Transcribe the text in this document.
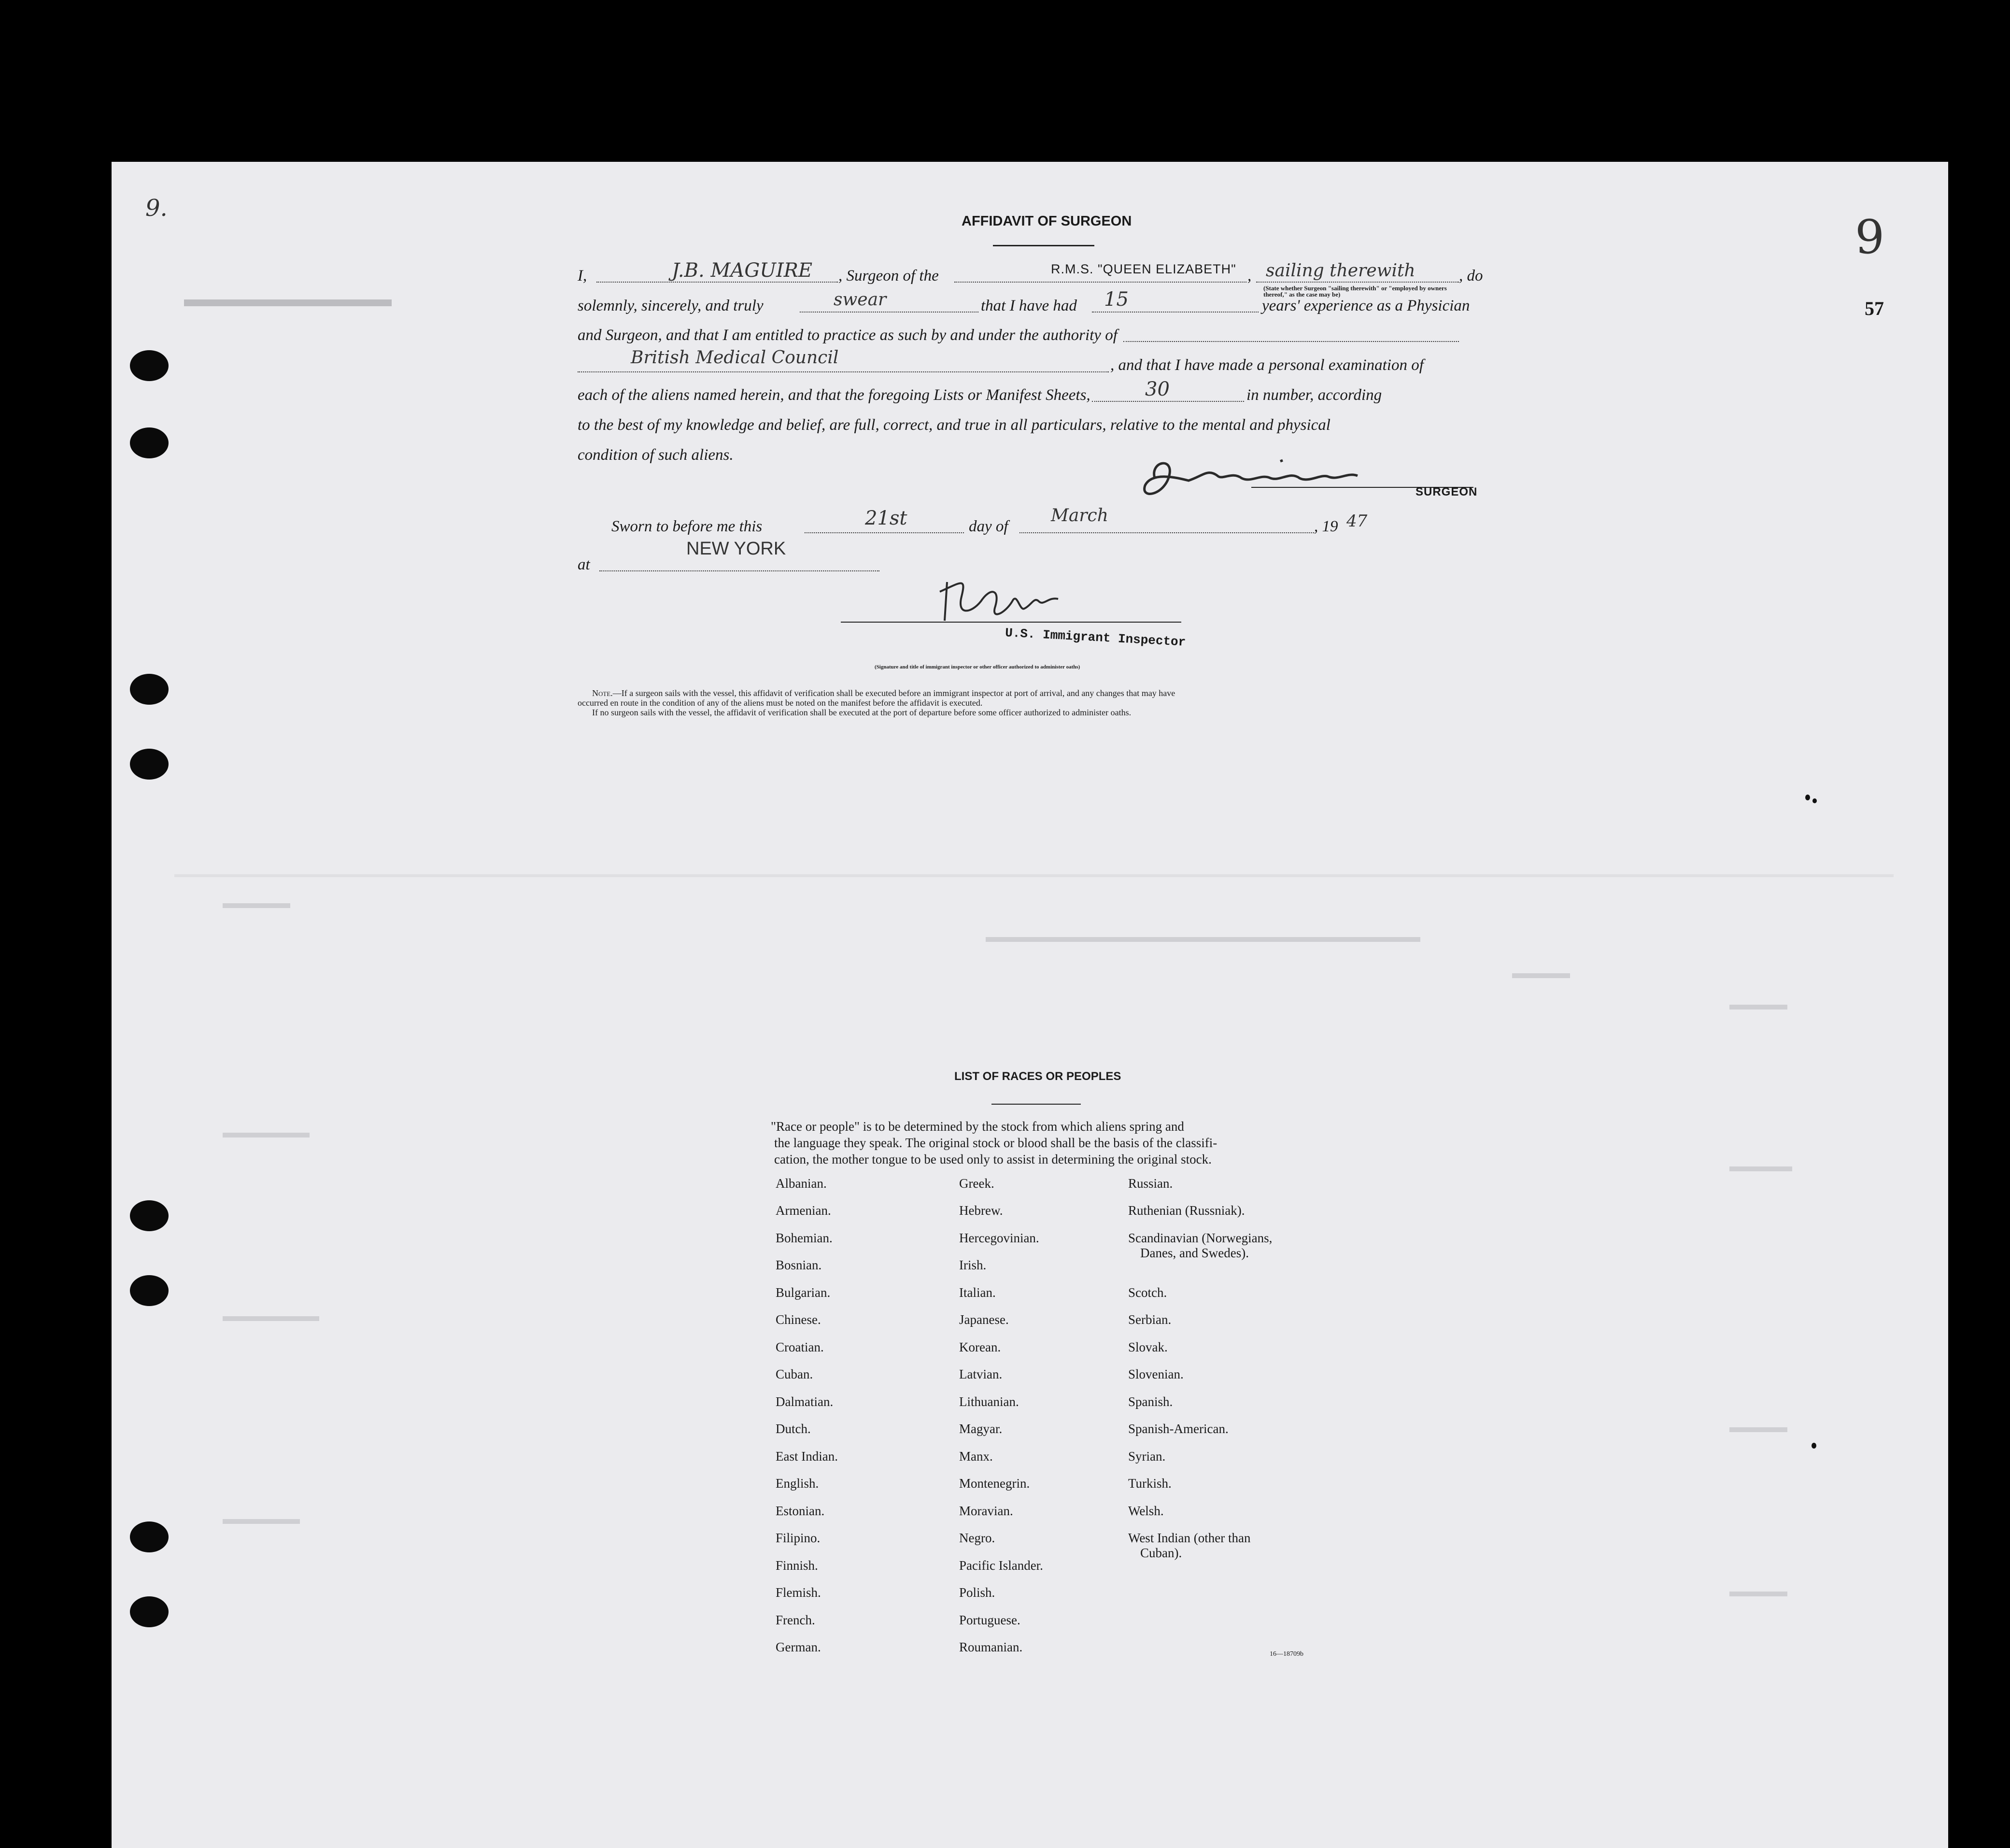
9.
9
57
AFFIDAVIT OF SURGEON
I,	J.B. MAGUIRE , Surgeon of the	R.M.S. "QUEEN ELIZABETH" , sailing therewith	, do
(State whether Surgeon "sailing therewith" or "employed by owners thereof," as the case may be)
solemnly, sincerely, and truly	swear	that I have had 15	years' experience as a Physician
and Surgeon, and that I am entitled to practice as such by and under the authority of
British Medical Council	, and that I have made a personal examination of
each of the aliens named herein, and that the foregoing Lists or Manifest Sheets,	30	in number, according
to the best of my knowledge and belief, are full, correct, and true in all particulars, relative to the mental and physical
condition of such aliens.
SURGEON
Sworn to before me this	21st	day of
March
, 19 47
at
NEW YORK
U.S. Immigrant Inspector
(Signature and title of immigrant inspector or other officer authorized to administer oaths)
Note.—If a surgeon sails with the vessel, this affidavit of verification shall be executed before an immigrant inspector at port of arrival, and any changes that may have
occurred en route in the condition of any of the aliens must be noted on the manifest before the affidavit is executed.
If no surgeon sails with the vessel, the affidavit of verification shall be executed at the port of departure before some officer authorized to administer oaths.
LIST OF RACES OR PEOPLES
"Race or people" is to be determined by the stock from which aliens spring and
the language they speak. The original stock or blood shall be the basis of the classifi-
cation, the mother tongue to be used only to assist in determining the original stock.
Albanian.
Armenian.
Bohemian.
Bosnian.
Bulgarian.
Chinese.
Croatian.
Cuban.
Dalmatian.
Dutch.
East Indian.
English.
Estonian.
Filipino.
Finnish.
Flemish.
French.
German.
Greek.
Hebrew.
Hercegovinian.
Irish.
Italian.
Japanese.
Korean.
Latvian.
Lithuanian.
Magyar.
Manx.
Montenegrin.
Moravian.
Negro.
Pacific Islander.
Polish.
Portuguese.
Roumanian.
Russian.
Ruthenian (Russniak).
Scandinavian (Norwegians,
Danes, and Swedes).
Scotch.
Serbian.
Slovak.
Slovenian.
Spanish.
Spanish-American.
Syrian.
Turkish.
Welsh.
West Indian (other than
Cuban).
16—18709b
